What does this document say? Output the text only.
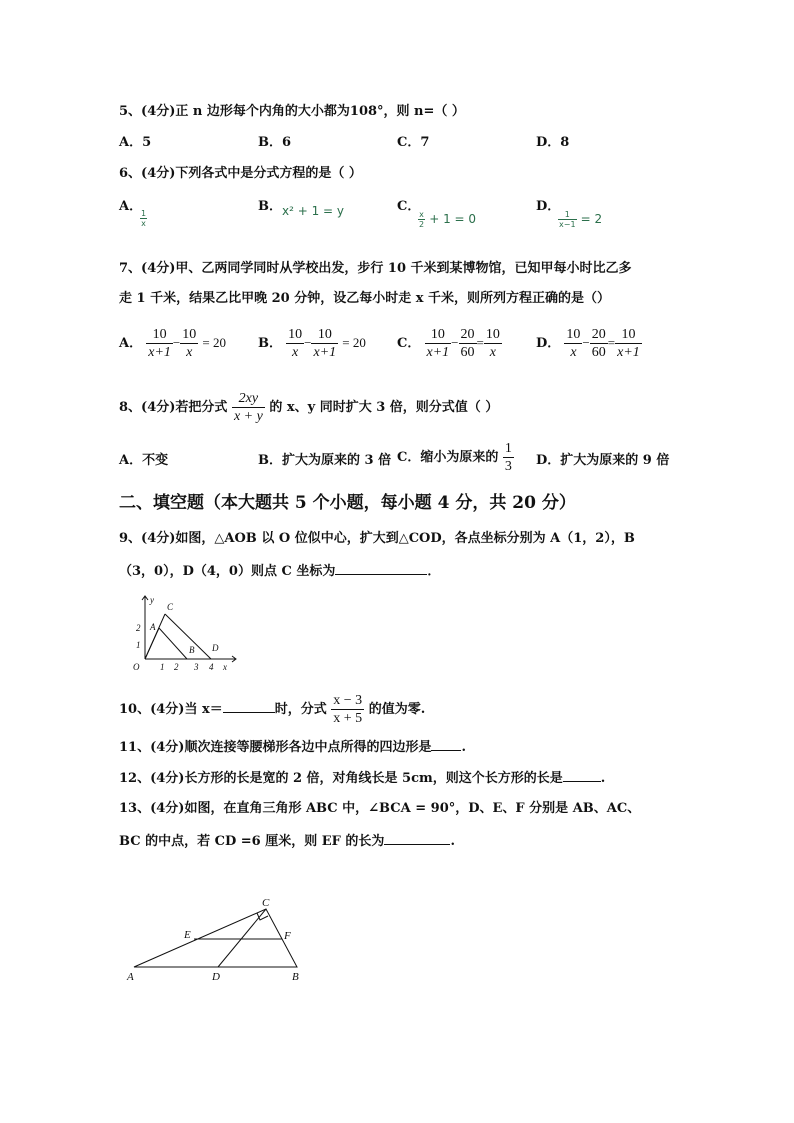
5、(4分)正 n 边形每个内角的大小都为108°，则 n=（ ）
A．5	B．6	C．7	D．8
6、(4分)下列各式中是分式方程的是（ ）
A．
$\frac{1}{x}$
B． x² + 1 = y	C．
$\frac{x}{2} + 1 = 0$
D．
$\frac{1}{x-1} = 2$
7、(4分)甲、乙两同学同时从学校出发，步行 10 千米到某博物馆，已知甲每小时比乙多
走 1 千米，结果乙比甲晚 20 分钟，设乙每小时走 x 千米，则所列方程正确的是（）
A． $\frac{10}{x+1} - \frac{10}{x} = 20$ B． $\frac{10}{x} - \frac{10}{x+1} = 20$ C． $\frac{10}{x+1} - \frac{20}{60} = \frac{10}{x}$	D． $\frac{10}{x} - \frac{20}{60} = \frac{10}{x+1}$
8、(4分)若把分式 $\frac{2xy}{x + y}$ 的 x、y 同时扩大 3 倍，则分式值（ ）
A．不变	B．扩大为原来的 3 倍 C．缩小为原来的 $\frac{1}{3}$ D．扩大为原来的 9 倍
二、填空题（本大题共 5 个小题，每小题 4 分，共 20 分）
9、(4分)如图，△AOB 以 O 位似中心，扩大到△COD，各点坐标分别为 A（1，2），B
（3，0），D（4，0）则点 C 坐标为	．
y
C
A
2
1	B D
O 1 2 3 4 x
10、(4分)当 x＝	时，分式 $\frac{x - 3}{x + 5}$ 的值为零.
11、(4分)顺次连接等腰梯形各边中点所得的四边形是 .
12、(4分)长方形的长是宽的 2 倍，对角线长是 5cm，则这个长方形的长是	.
13、(4分)如图，在直角三角形 ABC 中，∠BCA = 90°，D、E、F 分别是 AB、AC、
BC 的中点，若 CD =6 厘米，则 EF 的长为	.
C
E	F
A	D	B
